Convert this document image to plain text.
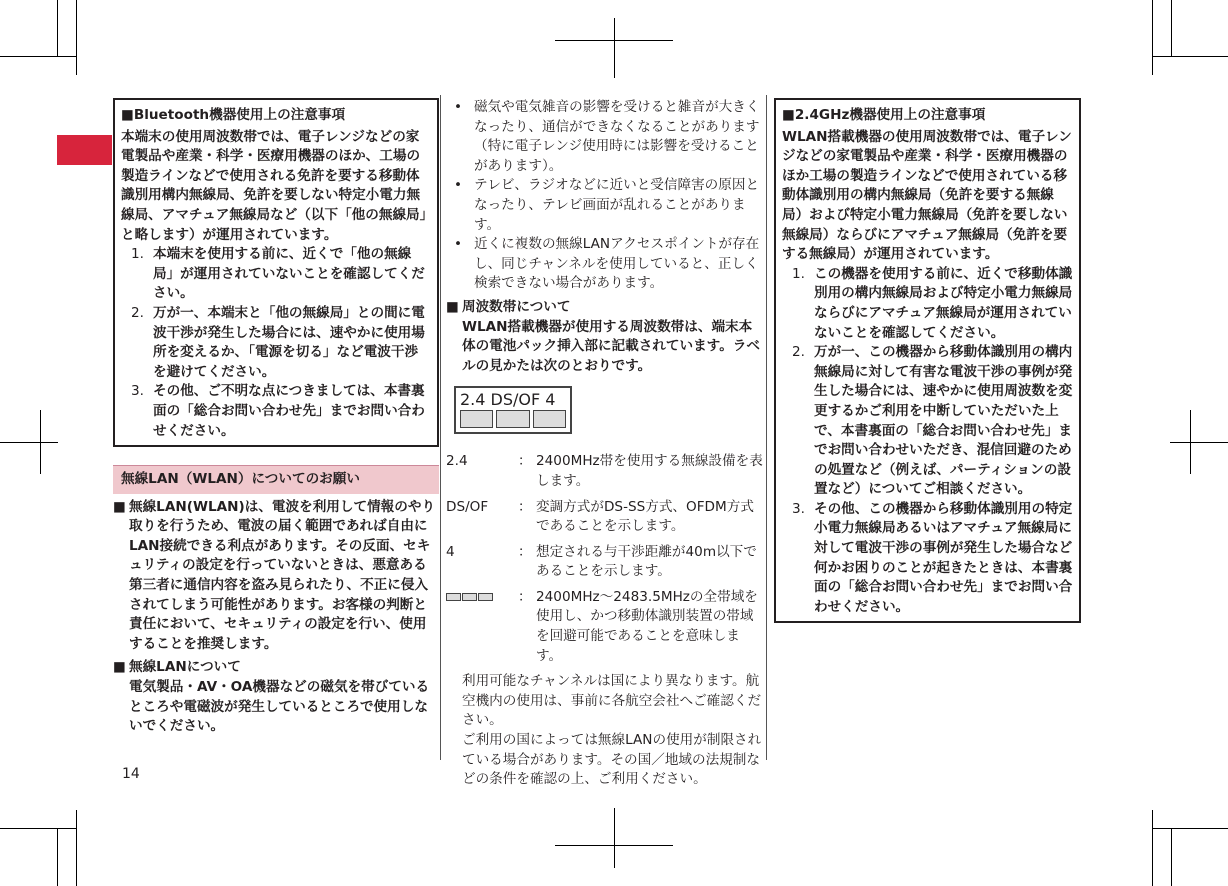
■Bluetooth機器使用上の注意事項

本端末の使用周波数帯では、電子レンジなどの家電製品や産業・科学・医療用機器のほか、工場の製造ラインなどで使用される免許を要する移動体識別用構内無線局、免許を要しない特定小電力無線局、アマチュア無線局など（以下「他の無線局」と略します）が運用されています。

1. 本端末を使用する前に、近くで「他の無線局」が運用されていないことを確認してください。
2. 万が一、本端末と「他の無線局」との間に電波干渉が発生した場合には、速やかに使用場所を変えるか、「電源を切る」など電波干渉を避けてください。
3. その他、ご不明な点につきましては、本書裏面の「総合お問い合わせ先」までお問い合わせください。
無線LAN（WLAN）についてのお願い
■ 無線LAN(WLAN)は、電波を利用して情報のやり取りを行うため、電波の届く範囲であれば自由にLAN接続できる利点があります。その反面、セキュリティの設定を行っていないときは、悪意ある第三者に通信内容を盗み見られたり、不正に侵入されてしまう可能性があります。お客様の判断と責任において、セキュリティの設定を行い、使用することを推奨します。
■ 無線LANについて
電気製品・AV・OA機器などの磁気を帯びているところや電磁波が発生しているところで使用しないでください。
• 磁気や電気雑音の影響を受けると雑音が大きくなったり、通信ができなくなることがあります（特に電子レンジ使用時には影響を受けることがあります）。
• テレビ、ラジオなどに近いと受信障害の原因となったり、テレビ画面が乱れることがあります。
• 近くに複数の無線LANアクセスポイントが存在し、同じチャンネルを使用していると、正しく検索できない場合があります。
■ 周波数帯について
WLAN搭載機器が使用する周波数帯は、端末本体の電池パック挿入部に記載されています。ラベルの見かたは次のとおりです。
2.4 DS/OF 4
2.4	： 2400MHz帯を使用する無線設備を表します。
DS/OF	： 変調方式がDS-SS方式、OFDM方式であることを示します。
4	： 想定される与干渉距離が40m以下であることを示します。
： 2400MHz～2483.5MHzの全帯域を使用し、かつ移動体識別装置の帯域を回避可能であることを意味します。

利用可能なチャンネルは国により異なります。航空機内の使用は、事前に各航空会社へご確認ください。

ご利用の国によっては無線LANの使用が制限されている場合があります。その国／地域の法規制などの条件を確認の上、ご利用ください。

■2.4GHz機器使用上の注意事項

WLAN搭載機器の使用周波数帯では、電子レンジなどの家電製品や産業・科学・医療用機器のほか工場の製造ラインなどで使用されている移動体識別用の構内無線局（免許を要する無線局）および特定小電力無線局（免許を要しない無線局）ならびにアマチュア無線局（免許を要する無線局）が運用されています。

1. この機器を使用する前に、近くで移動体識別用の構内無線局および特定小電力無線局ならびにアマチュア無線局が運用されていないことを確認してください。
2. 万が一、この機器から移動体識別用の構内無線局に対して有害な電波干渉の事例が発生した場合には、速やかに使用周波数を変更するかご利用を中断していただいた上で、本書裏面の「総合お問い合わせ先」までお問い合わせいただき、混信回避のための処置など（例えば、パーティションの設置など）についてご相談ください。
3. その他、この機器から移動体識別用の特定小電力無線局あるいはアマチュア無線局に対して電波干渉の事例が発生した場合など何かお困りのことが起きたときは、本書裏面の「総合お問い合わせ先」までお問い合わせください。
14
